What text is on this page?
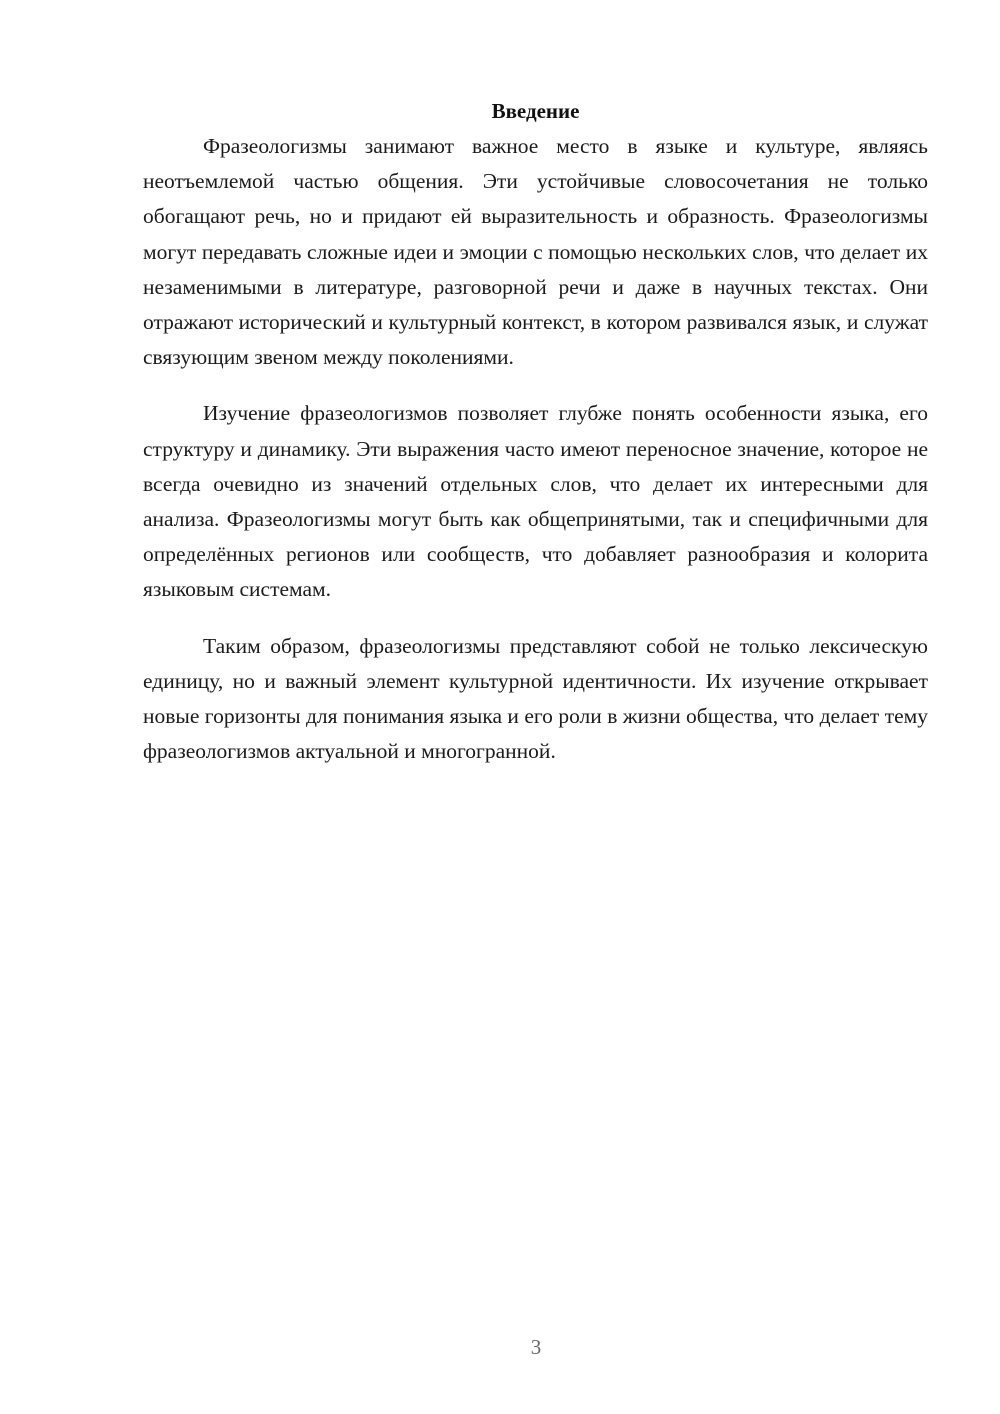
Введение

Фразеологизмы занимают важное место в языке и культуре, являясь неотъемлемой частью общения. Эти устойчивые словосочетания не только обогащают речь, но и придают ей выразительность и образность. Фразеологизмы могут передавать сложные идеи и эмоции с помощью нескольких слов, что делает их незаменимыми в литературе, разговорной речи и даже в научных текстах. Они отражают исторический и культурный контекст, в котором развивался язык, и служат связующим звеном между поколениями.

Изучение фразеологизмов позволяет глубже понять особенности языка, его структуру и динамику. Эти выражения часто имеют переносное значение, которое не всегда очевидно из значений отдельных слов, что делает их интересными для анализа. Фразеологизмы могут быть как общепринятыми, так и специфичными для определённых регионов или сообществ, что добавляет разнообразия и колорита языковым системам.

Таким образом, фразеологизмы представляют собой не только лексическую единицу, но и важный элемент культурной идентичности. Их изучение открывает новые горизонты для понимания языка и его роли в жизни общества, что делает тему фразеологизмов актуальной и многогранной.

3
